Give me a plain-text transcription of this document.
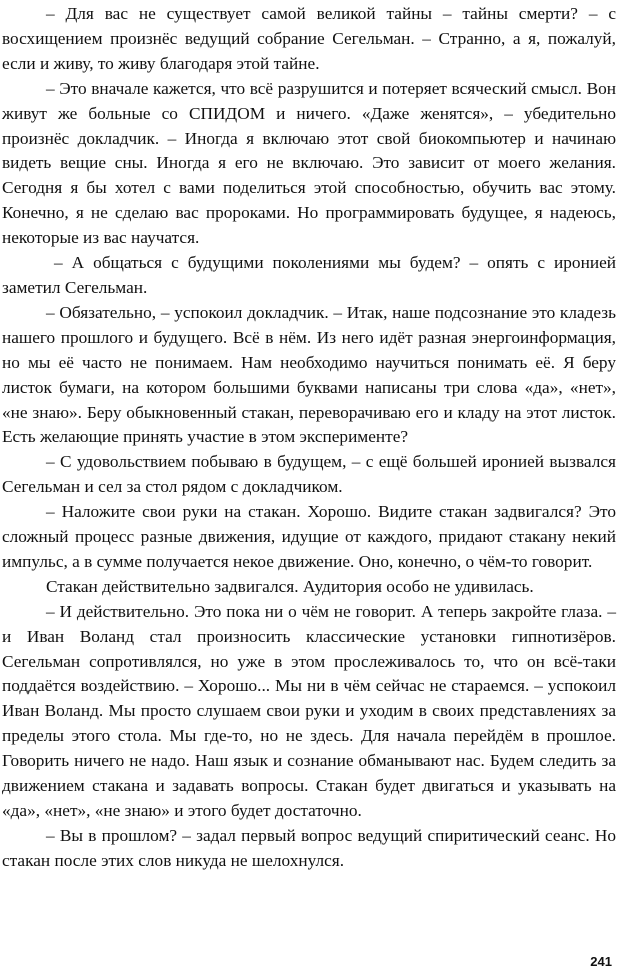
– Для вас не существует самой великой тайны – тайны смерти? – с восхищением произнёс ведущий собрание Сегельман. – Странно, а я, пожалуй, если и живу, то живу благодаря этой тайне.

– Это вначале кажется, что всё разрушится и потеряет всяческий смысл. Вон живут же больные со СПИДОМ и ничего. «Даже женятся», – убедительно произнёс докладчик. – Иногда я включаю этот свой биокомпьютер и начинаю видеть вещие сны. Иногда я его не включаю. Это зависит от моего желания. Сегодня я бы хотел с вами поделиться этой способностью, обучить вас этому. Конечно, я не сделаю вас пророками. Но программировать будущее, я надеюсь, некоторые из вас научатся.

– А общаться с будущими поколениями мы будем? – опять с иронией заметил Сегельман.

– Обязательно, – успокоил докладчик. – Итак, наше подсознание это кладезь нашего прошлого и будущего. Всё в нём. Из него идёт разная энергоинформация, но мы её часто не понимаем. Нам необходимо научиться понимать её. Я беру листок бумаги, на котором большими буквами написаны три слова «да», «нет», «не знаю». Беру обыкновенный стакан, переворачиваю его и кладу на этот листок. Есть желающие принять участие в этом эксперименте?

– С удовольствием побываю в будущем, – с ещё большей иронией вызвался Сегельман и сел за стол рядом с докладчиком.

– Наложите свои руки на стакан. Хорошо. Видите стакан задвигался? Это сложный процесс разные движения, идущие от каждого, придают стакану некий импульс, а в сумме получается некое движение. Оно, конечно, о чём-то говорит.

Стакан действительно задвигался. Аудитория особо не удивилась.

– И действительно. Это пока ни о чём не говорит. А теперь закройте глаза. – и Иван Воланд стал произносить классические установки гипнотизёров. Сегельман сопротивлялся, но уже в этом прослеживалось то, что он всё-таки поддаётся воздействию. – Хорошо... Мы ни в чём сейчас не стараемся. – успокоил Иван Воланд. Мы просто слушаем свои руки и уходим в своих представлениях за пределы этого стола. Мы где-то, но не здесь. Для начала перейдём в прошлое. Говорить ничего не надо. Наш язык и сознание обманывают нас. Будем следить за движением стакана и задавать вопросы. Стакан будет двигаться и указывать на «да», «нет», «не знаю» и этого будет достаточно.

– Вы в прошлом? – задал первый вопрос ведущий спиритический сеанс. Но стакан после этих слов никуда не шелохнулся.

241
